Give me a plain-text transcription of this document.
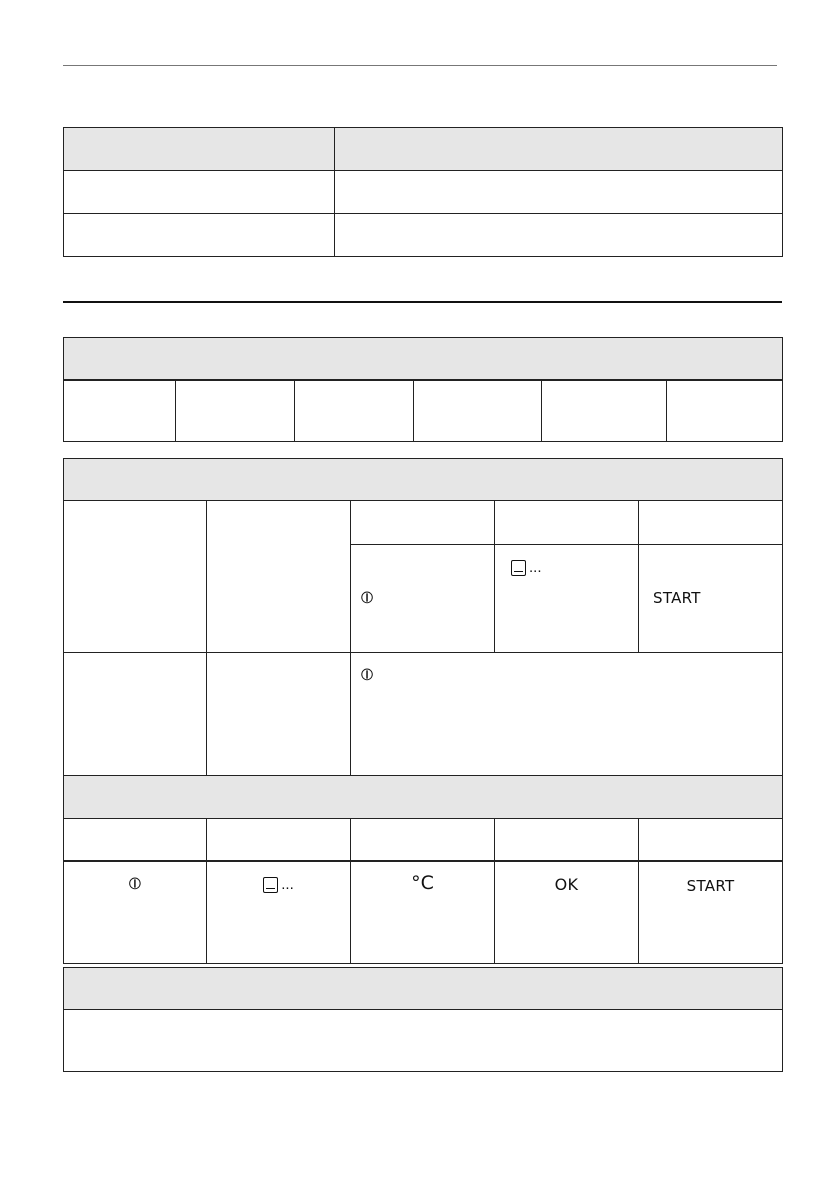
		⦶	...	START
		⦶		

⦶	...	°C	OK	START
